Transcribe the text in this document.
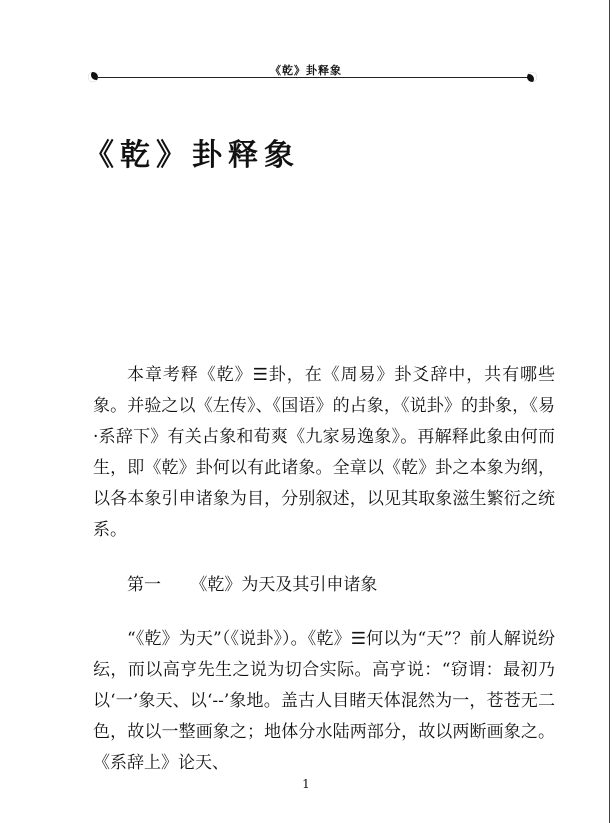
《乾》卦释象
《乾》卦释象

本章考释《乾》☰卦，在《周易》卦爻辞中，共有哪些象。并验之以《左传》、《国语》的占象，《说卦》的卦象，《易·系辞下》有关占象和荀爽《九家易逸象》。再解释此象由何而生，即《乾》卦何以有此诸象。全章以《乾》卦之本象为纲，以各本象引申诸象为目，分别叙述，以见其取象滋生繁衍之统系。

第一 《乾》为天及其引申诸象

“《乾》为天”（《说卦》）。《乾》☰何以为“天”？前人解说纷纭，而以高亨先生之说为切合实际。高亨说：“窃谓：最初乃以‘一’象天、以‘--’象地。盖古人目睹天体混然为一，苍苍无二色，故以一整画象之；地体分水陆两部分，故以两断画象之。《系辞上》论天、

1
